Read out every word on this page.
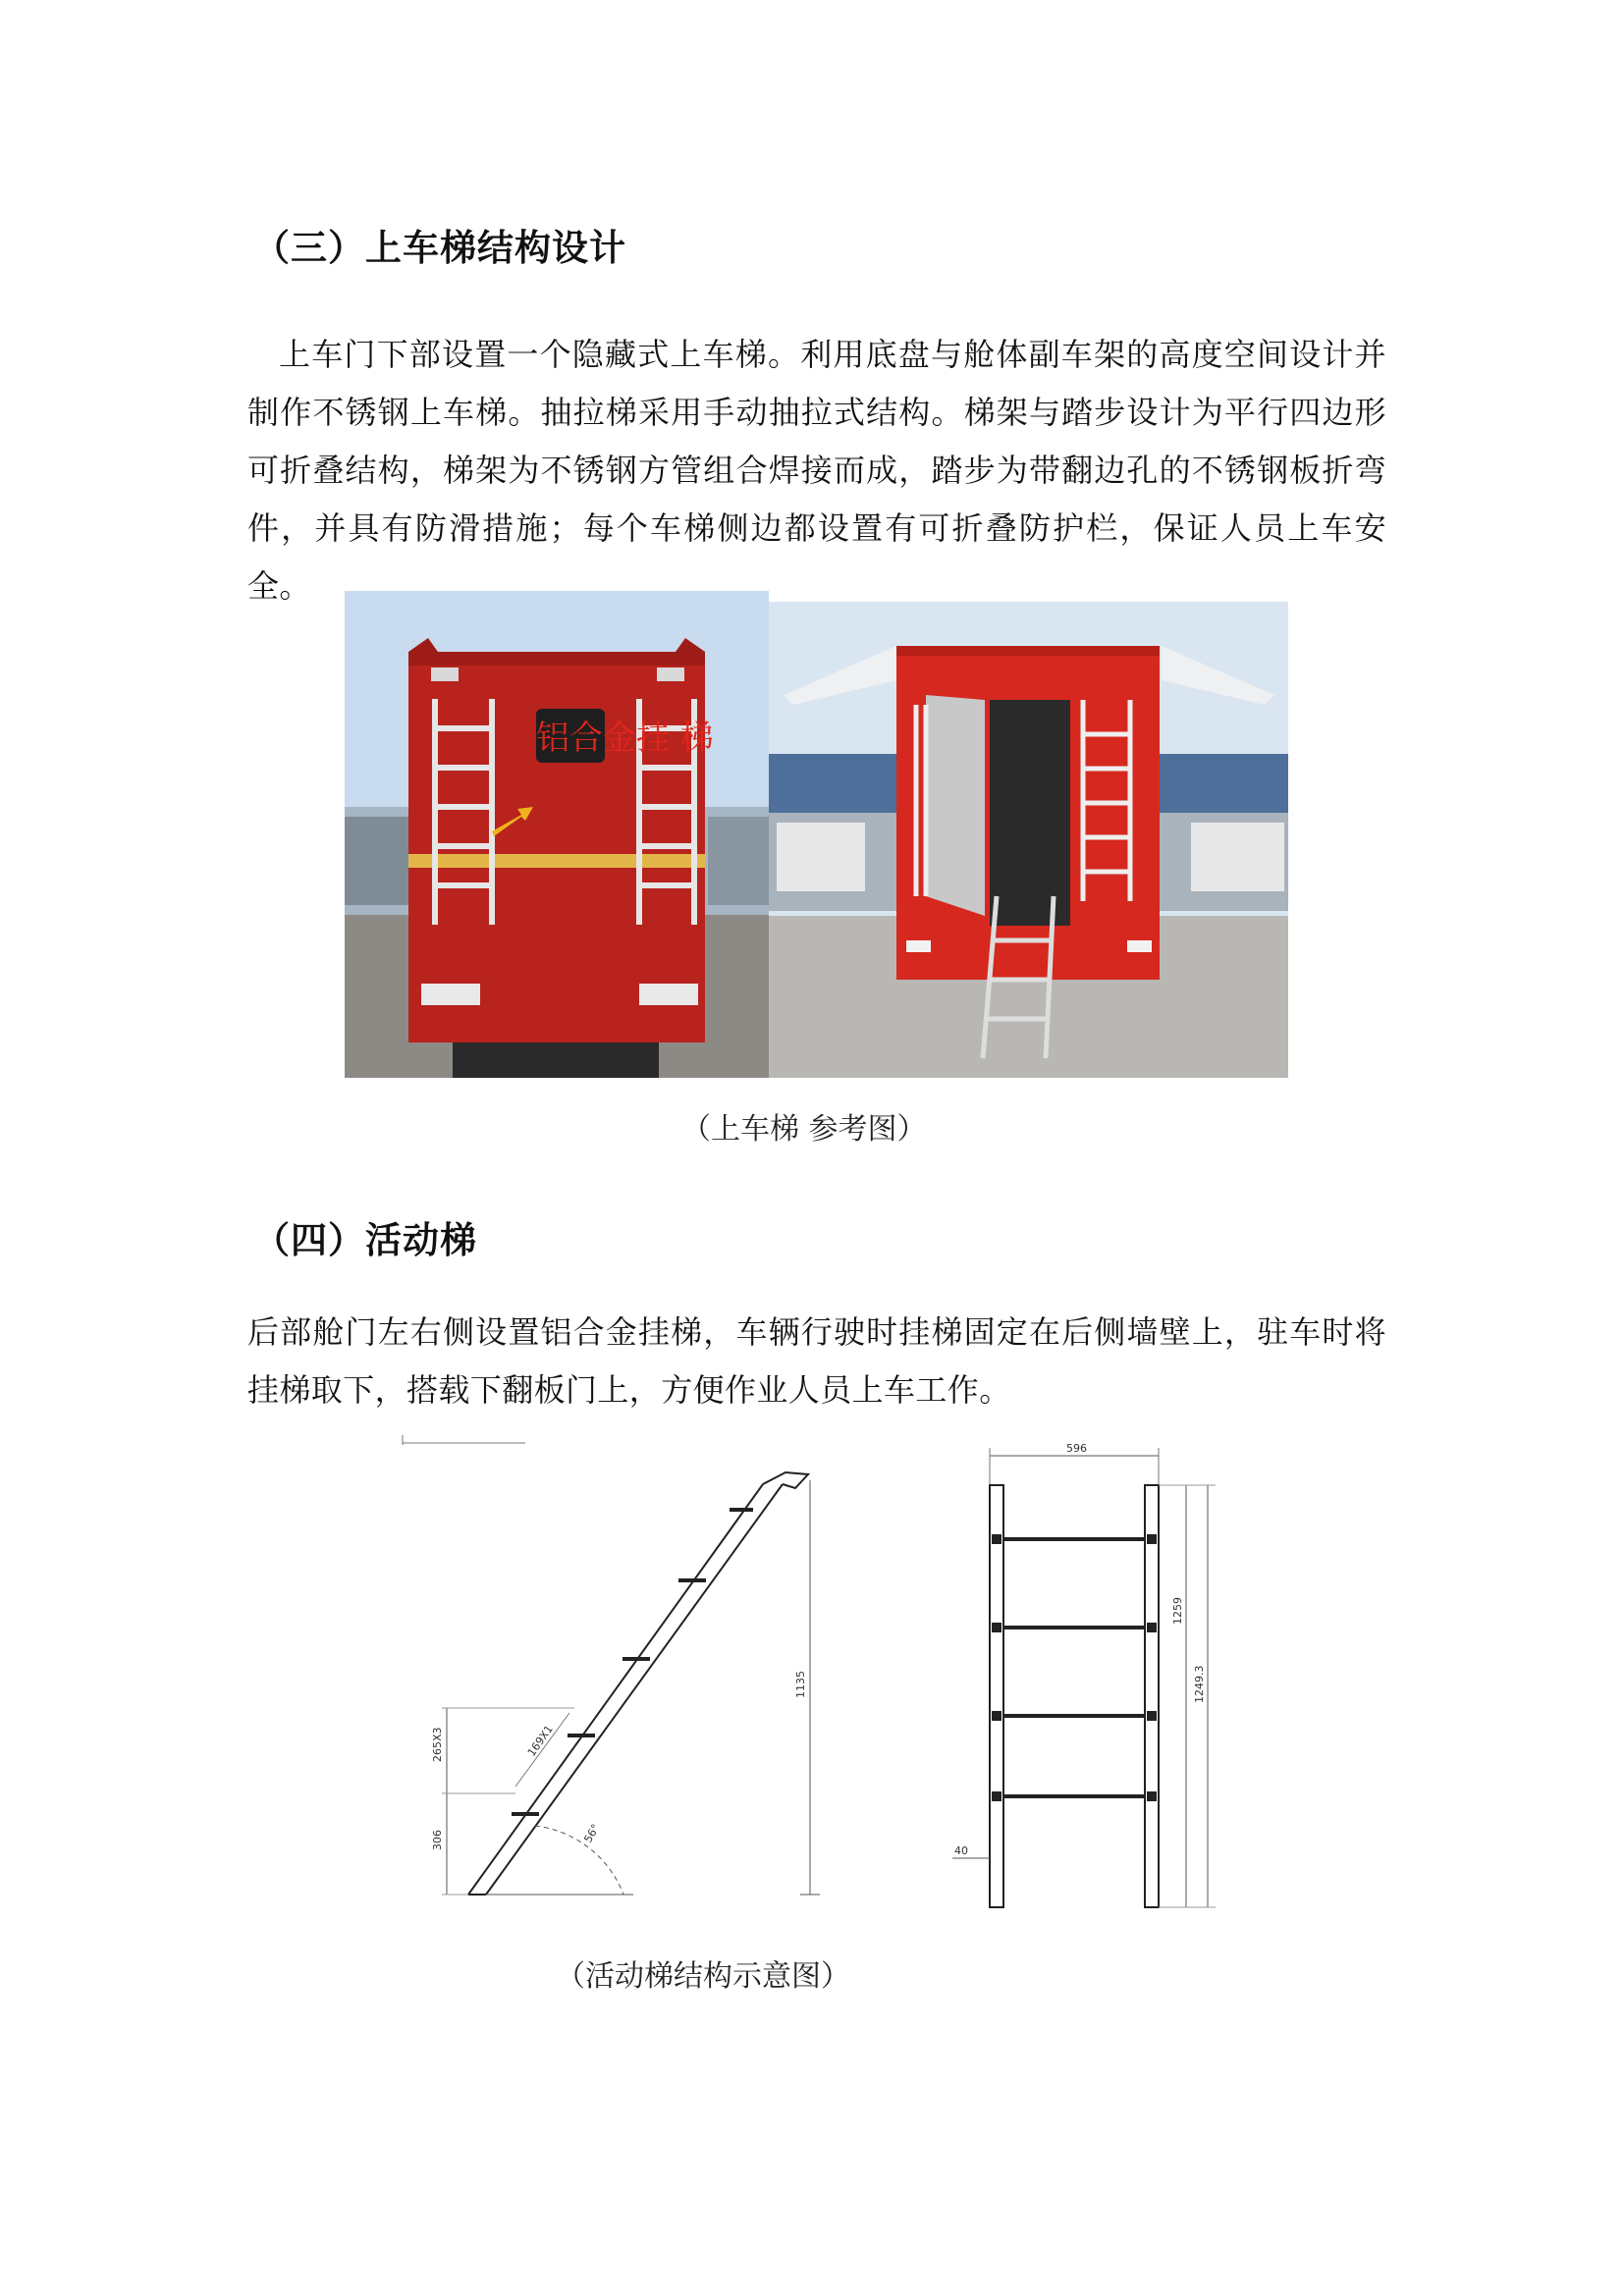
（三）上车梯结构设计
上车门下部设置一个隐藏式上车梯。利用底盘与舱体副车架的高度空间设计并制作不锈钢上车梯。抽拉梯采用手动抽拉式结构。梯架与踏步设计为平行四边形可折叠结构，梯架为不锈钢方管组合焊接而成，踏步为带翻边孔的不锈钢板折弯件，并具有防滑措施；每个车梯侧边都设置有可折叠防护栏，保证人员上车安全。
铝合金挂 梯
（上车梯 参考图）
（四）活动梯
后部舱门左右侧设置铝合金挂梯，车辆行驶时挂梯固定在后侧墙壁上，驻车时将挂梯取下，搭载下翻板门上，方便作业人员上车工作。
1135
265X3
306
169X1
56°
596
1259
1249.3
40
（活动梯结构示意图）
